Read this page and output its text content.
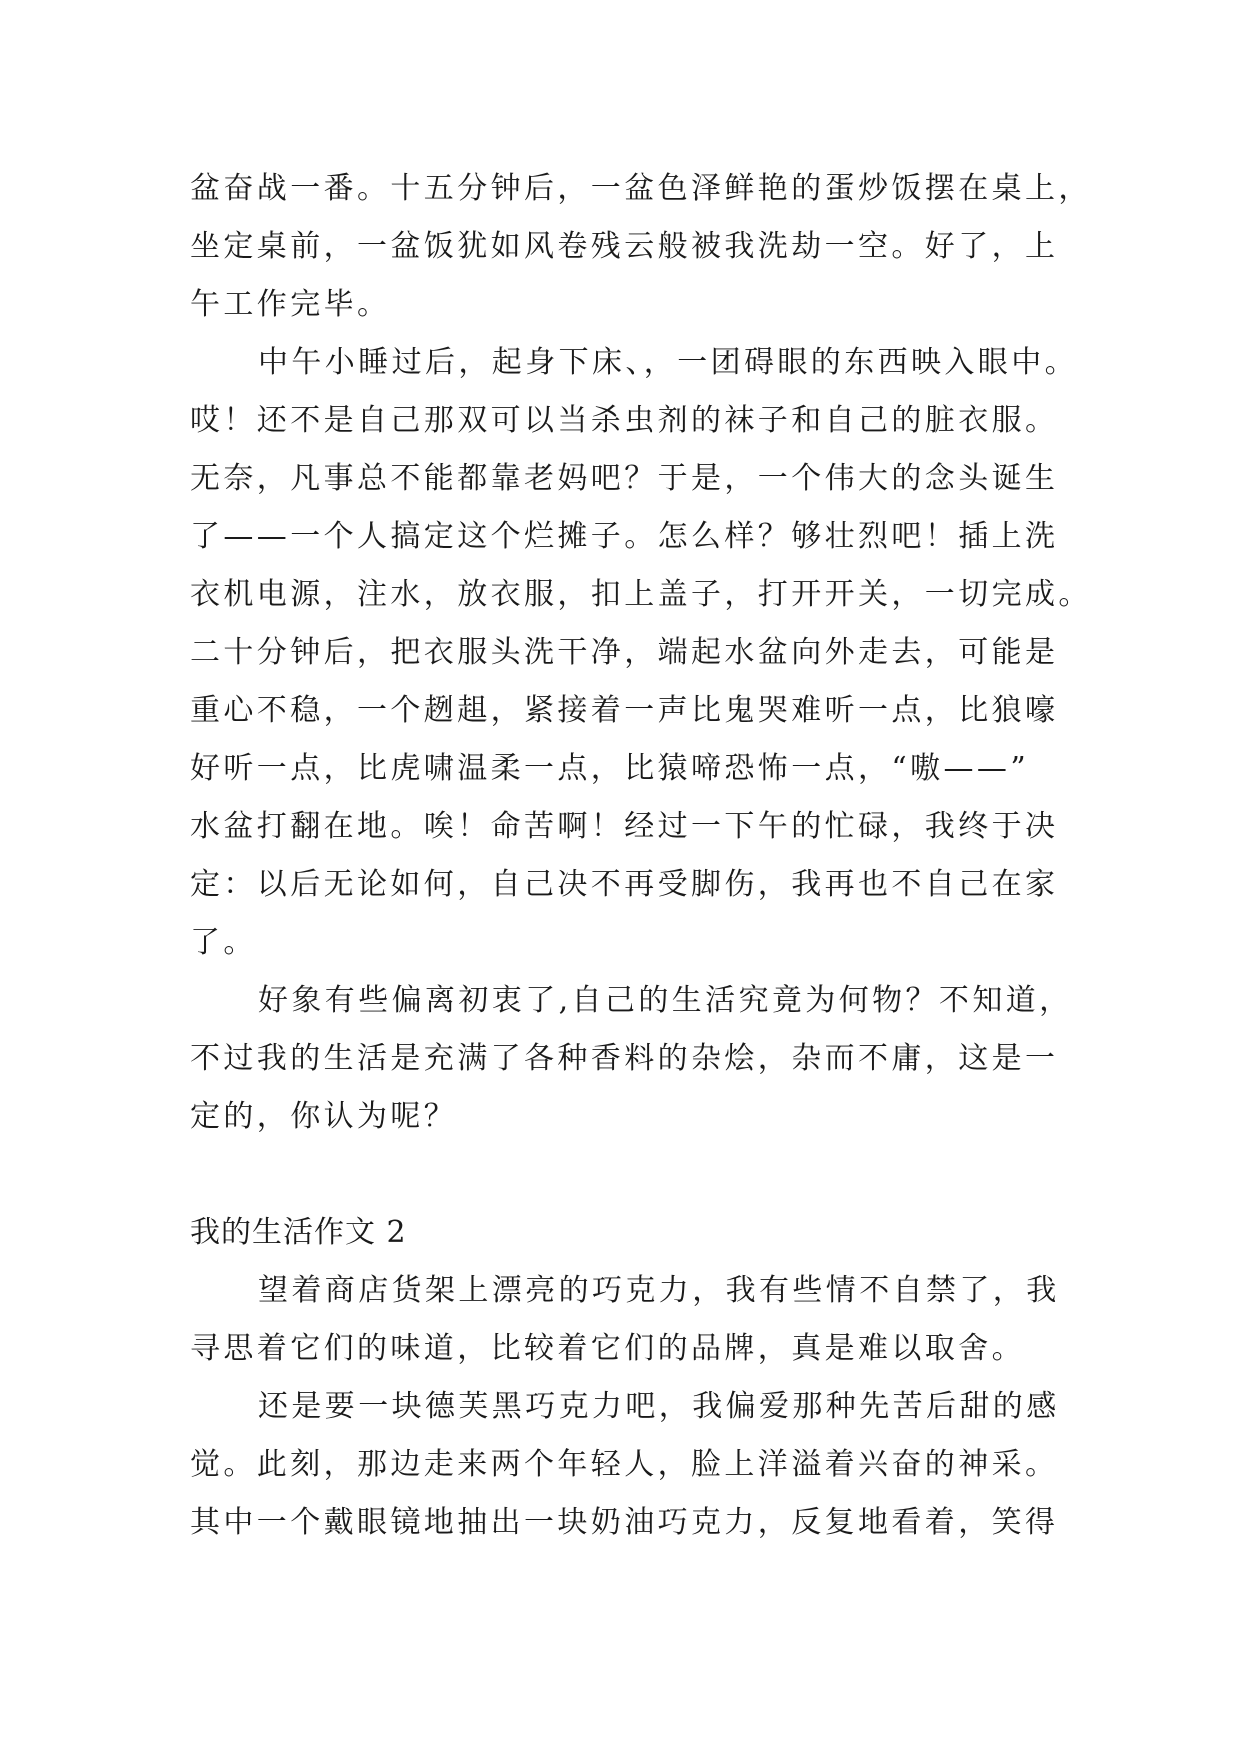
盆奋战一番。十五分钟后，一盆色泽鲜艳的蛋炒饭摆在桌上，
坐定桌前，一盆饭犹如风卷残云般被我洗劫一空。好了，上
午工作完毕。
中午小睡过后，起身下床、，一团碍眼的东西映入眼中。
哎！还不是自己那双可以当杀虫剂的袜子和自己的脏衣服。
无奈，凡事总不能都靠老妈吧？于是，一个伟大的念头诞生
了——一个人搞定这个烂摊子。怎么样？够壮烈吧！插上洗
衣机电源，注水，放衣服，扣上盖子，打开开关，一切完成。
二十分钟后，把衣服头洗干净，端起水盆向外走去，可能是
重心不稳，一个趔趄，紧接着一声比鬼哭难听一点，比狼嚎
好听一点，比虎啸温柔一点，比猿啼恐怖一点，“嗷——”
水盆打翻在地。唉！命苦啊！经过一下午的忙碌，我终于决
定：以后无论如何，自己决不再受脚伤，我再也不自己在家
了。
好象有些偏离初衷了,自己的生活究竟为何物？不知道，
不过我的生活是充满了各种香料的杂烩，杂而不庸，这是一
定的，你认为呢？
我的生活作文 2
望着商店货架上漂亮的巧克力，我有些情不自禁了，我
寻思着它们的味道，比较着它们的品牌，真是难以取舍。
还是要一块德芙黑巧克力吧，我偏爱那种先苦后甜的感
觉。此刻，那边走来两个年轻人，脸上洋溢着兴奋的神采。
其中一个戴眼镜地抽出一块奶油巧克力，反复地看着，笑得
